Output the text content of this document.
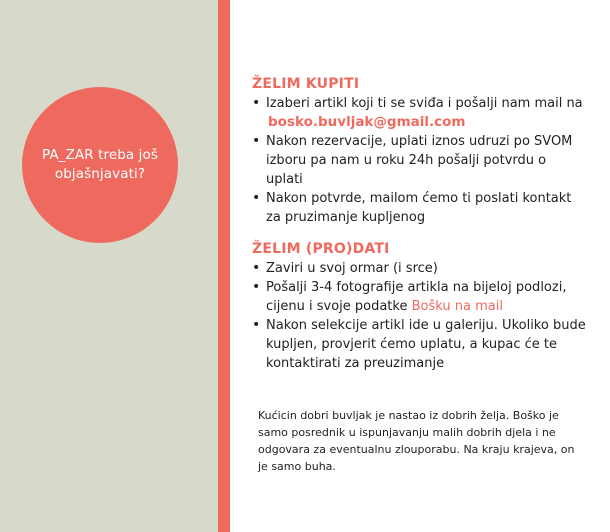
PA_ZAR treba još objašnjavati?
ŽELIM KUPITI
• Izaberi artikl koji ti se sviđa i pošalji nam mail na
bosko.buvljak@gmail.com
• Nakon rezervacije, uplati iznos udruzi po SVOM izboru pa nam u roku 24h pošalji potvrdu o uplati
• Nakon potvrde, mailom ćemo ti poslati kontakt za pruzimanje kupljenog
ŽELIM (PRO)DATI
• Zaviri u svoj ormar (i srce)
• Pošalji 3-4 fotografije artikla na bijeloj podlozi, cijenu i svoje podatke Bošku na mail
• Nakon selekcije artikl ide u galeriju. Ukoliko bude kupljen, provjerit ćemo uplatu, a kupac će te kontaktirati za preuzimanje
Kućicin dobri buvljak je nastao iz dobrih želja. Boško je samo posrednik u ispunjavanju malih dobrih djela i ne odgovara za eventualnu zlouporabu. Na kraju krajeva, on je samo buha.
